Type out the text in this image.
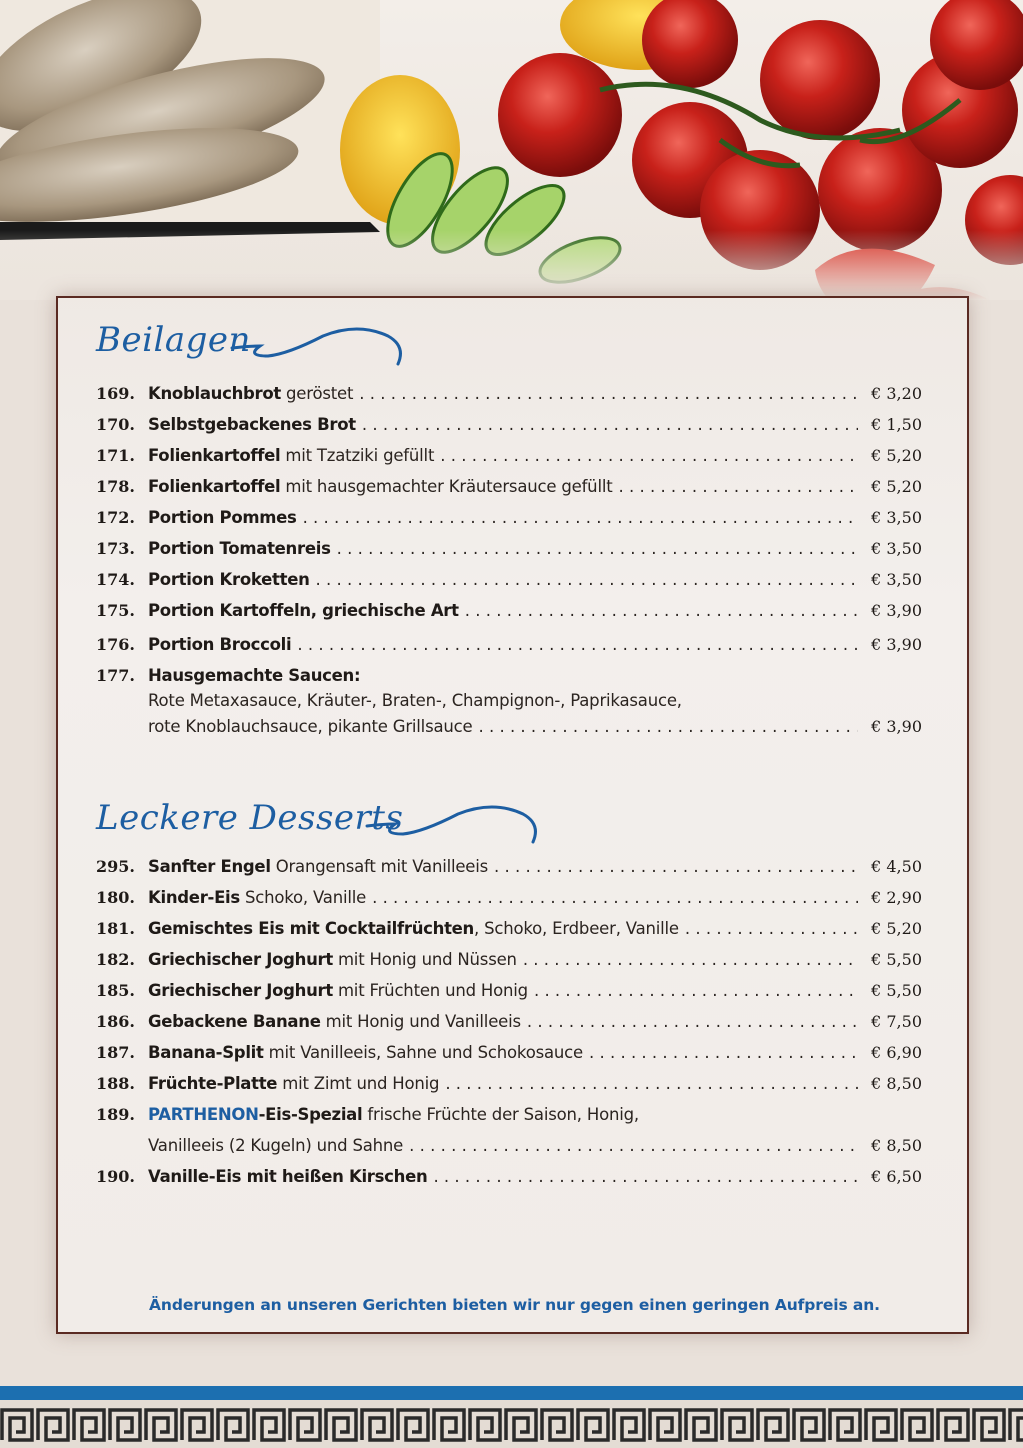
Beilagen
Leckere Desserts
Änderungen an unseren Gerichten bieten wir nur gegen einen geringen Aufpreis an.
169. Knoblauchbrot geröstet . . .	€ 3,20
170. Selbstgebackenes Brot . . .	€ 1,50
171. Folienkartoffel mit Tzatziki gefüllt . . .	€ 5,20
178. Folienkartoffel mit hausgemachter Kräutersauce gefüllt . . .	€ 5,20
172. Portion Pommes . . .	€ 3,50
173. Portion Tomatenreis . . .	€ 3,50
174. Portion Kroketten . . .	€ 3,50
175. Portion Kartoffeln, griechische Art . . .	€ 3,90
176. Portion Broccoli . . .	€ 3,90
177. Hausgemachte Saucen:
Rote Metaxasauce, Kräuter-, Braten-, Champignon-, Paprikasauce,
rote Knoblauchsauce, pikante Grillsauce . . .	€ 3,90
295. Sanfter Engel Orangensaft mit Vanilleeis . . .	€ 4,50
180. Kinder-Eis Schoko, Vanille . . .	€ 2,90
181. Gemischtes Eis mit Cocktailfrüchten , Schoko, Erdbeer, Vanille . . .	€ 5,20
182. Griechischer Joghurt mit Honig und Nüssen . . .	€ 5,50
185. Griechischer Joghurt mit Früchten und Honig . . .	€ 5,50
186. Gebackene Banane mit Honig und Vanilleeis . . .	€ 7,50
187. Banana-Split mit Vanilleeis, Sahne und Schokosauce . . .	€ 6,90
188. Früchte-Platte mit Zimt und Honig . . .	€ 8,50
189. PARTHENON -Eis-Spezial frische Früchte der Saison, Honig,
Vanilleeis (2 Kugeln) und Sahne . . .	€ 8,50
190. Vanille-Eis mit heißen Kirschen . . .	€ 6,50
